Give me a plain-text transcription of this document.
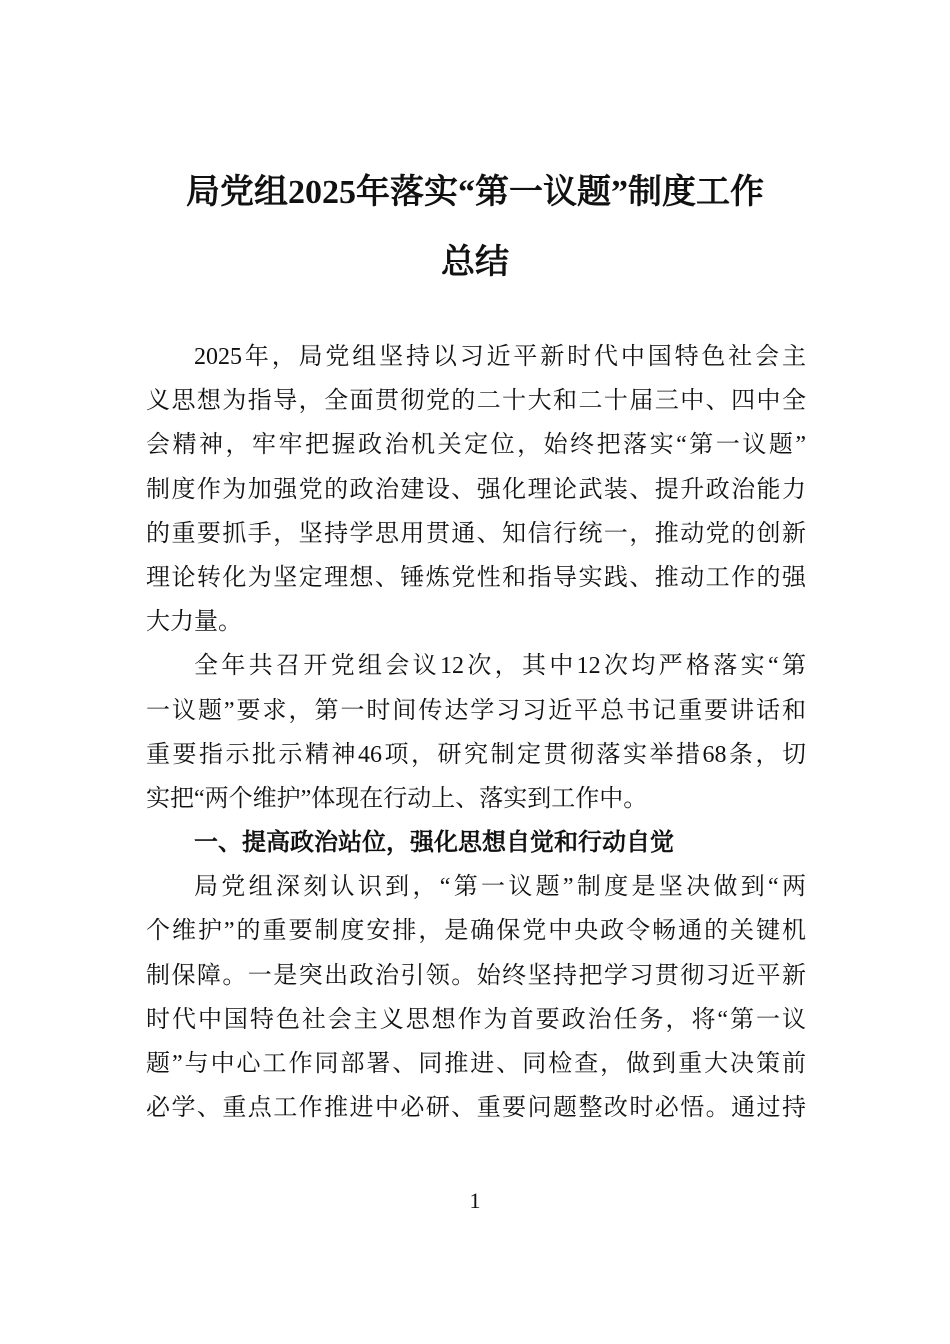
局党组2025年落实“第一议题”制度工作
总结
2025年，局党组坚持以习近平新时代中国特色社会主
义思想为指导，全面贯彻党的二十大和二十届三中、四中全
会精神，牢牢把握政治机关定位，始终把落实“第一议题”
制度作为加强党的政治建设、强化理论武装、提升政治能力
的重要抓手，坚持学思用贯通、知信行统一，推动党的创新
理论转化为坚定理想、锤炼党性和指导实践、推动工作的强
大力量。
全年共召开党组会议12次，其中12次均严格落实“第
一议题”要求，第一时间传达学习习近平总书记重要讲话和
重要指示批示精神46项，研究制定贯彻落实举措68条，切
实把“两个维护”体现在行动上、落实到工作中。
一、提高政治站位，强化思想自觉和行动自觉
局党组深刻认识到，“第一议题”制度是坚决做到“两
个维护”的重要制度安排，是确保党中央政令畅通的关键机
制保障。一是突出政治引领。始终坚持把学习贯彻习近平新
时代中国特色社会主义思想作为首要政治任务，将“第一议
题”与中心工作同部署、同推进、同检查，做到重大决策前
必学、重点工作推进中必研、重要问题整改时必悟。通过持
1
